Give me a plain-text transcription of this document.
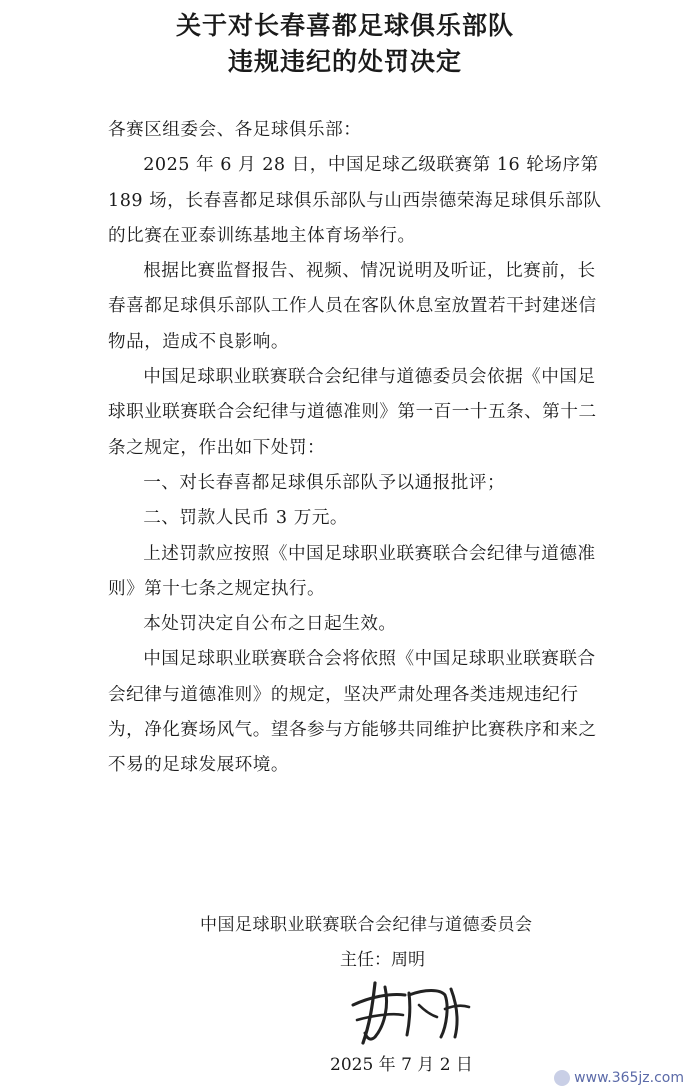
关于对长春喜都足球俱乐部队
违规违纪的处罚决定

各赛区组委会、各足球俱乐部：

2025 年 6 月 28 日，中国足球乙级联赛第 16 轮场序第189 场，长春喜都足球俱乐部队与山西崇德荣海足球俱乐部队的比赛在亚泰训练基地主体育场举行。

根据比赛监督报告、视频、情况说明及听证，比赛前，长春喜都足球俱乐部队工作人员在客队休息室放置若干封建迷信物品，造成不良影响。

中国足球职业联赛联合会纪律与道德委员会依据《中国足球职业联赛联合会纪律与道德准则》第一百一十五条、第十二条之规定，作出如下处罚：

一、对长春喜都足球俱乐部队予以通报批评；

二、罚款人民币 3 万元。

上述罚款应按照《中国足球职业联赛联合会纪律与道德准则》第十七条之规定执行。

本处罚决定自公布之日起生效。

中国足球职业联赛联合会将依照《中国足球职业联赛联合会纪律与道德准则》的规定，坚决严肃处理各类违规违纪行为，净化赛场风气。望各参与方能够共同维护比赛秩序和来之不易的足球发展环境。

中国足球职业联赛联合会纪律与道德委员会
主任：周明
2025 年 7 月 2 日
www.365jz.com
